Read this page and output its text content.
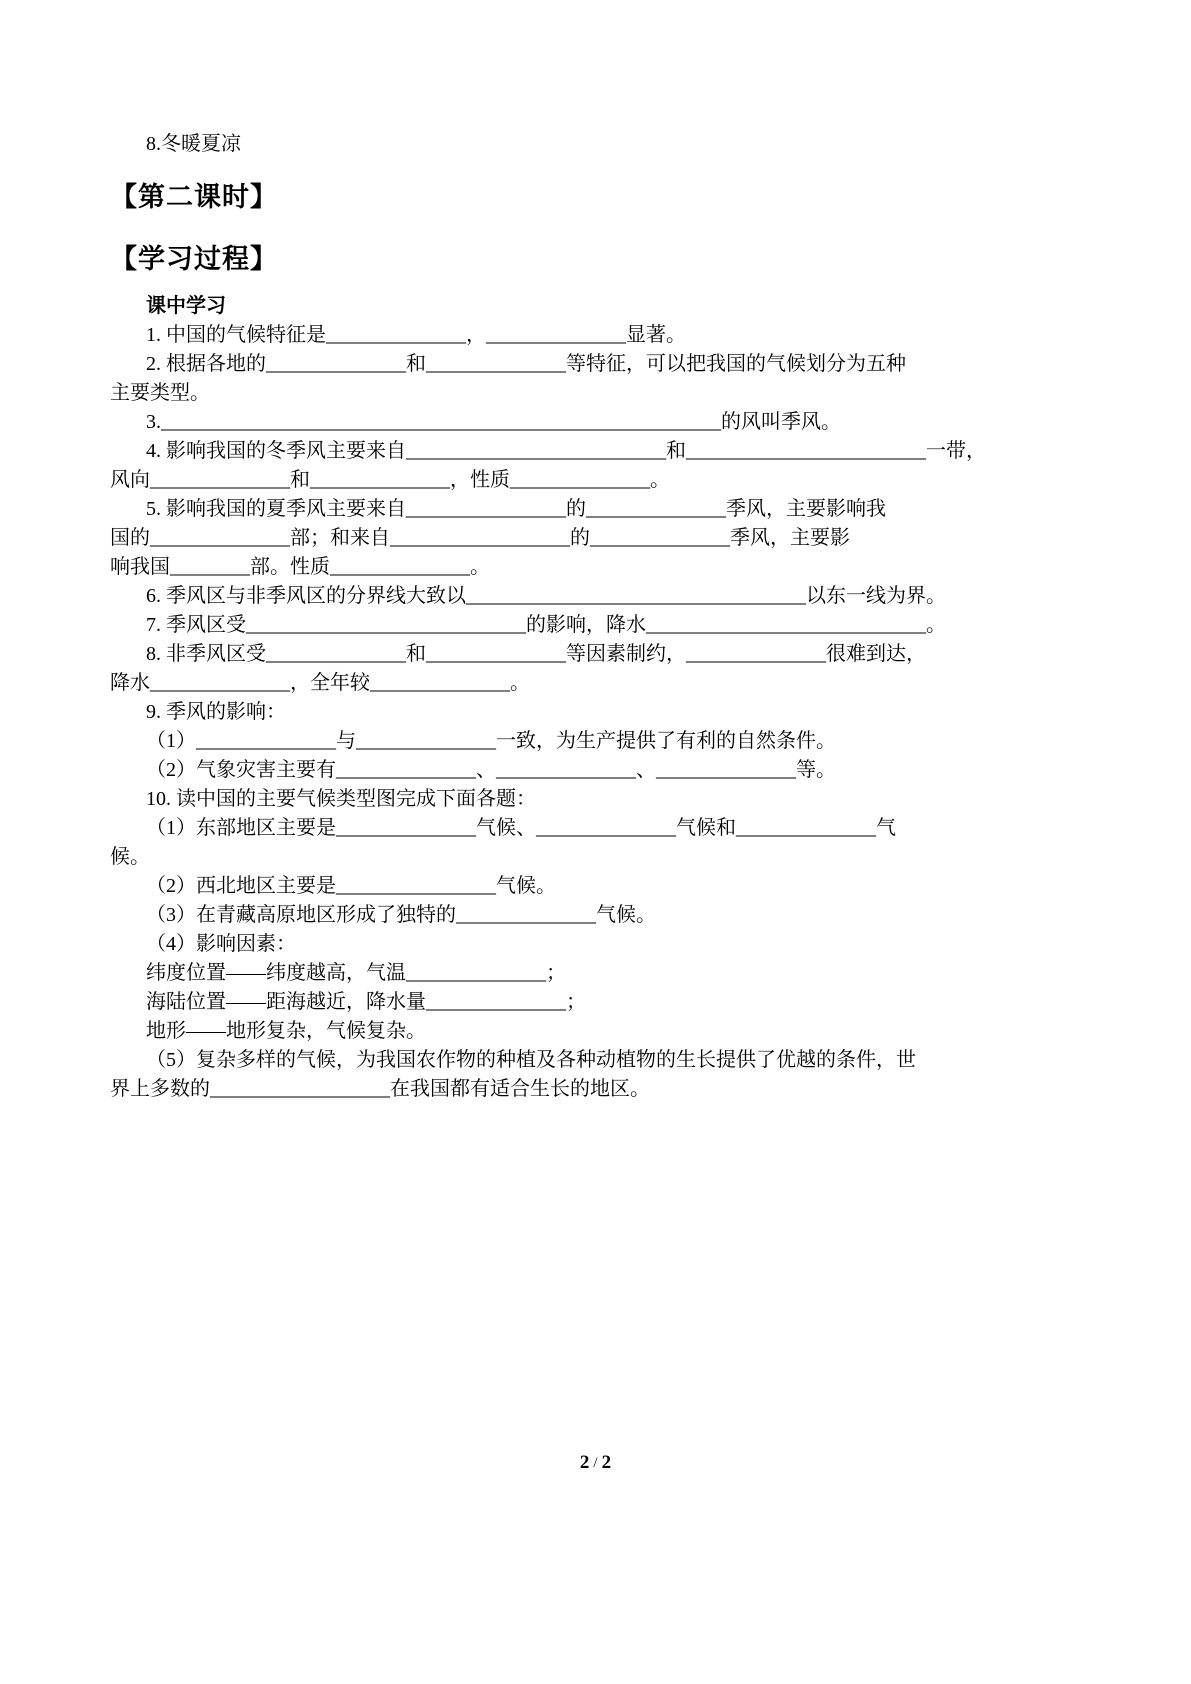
8.冬暖夏凉
【第二课时】
【学习过程】
课中学习
1. 中国的气候特征是______________，______________显著。
2. 根据各地的______________和______________等特征，可以把我国的气候划分为五种
主要类型。
3.________________________________________________________的风叫季风。
4. 影响我国的冬季风主要来自__________________________和________________________一带，
风向______________和______________，性质______________。
5. 影响我国的夏季风主要来自________________的______________季风，主要影响我
国的______________部；和来自__________________的______________季风，主要影
响我国________部。性质______________。
6. 季风区与非季风区的分界线大致以__________________________________以东一线为界。
7. 季风区受____________________________的影响，降水____________________________。
8. 非季风区受______________和______________等因素制约，______________很难到达，
降水______________，全年较______________。
9. 季风的影响：
（1）______________与______________一致，为生产提供了有利的自然条件。
（2）气象灾害主要有______________、______________、______________等。
10. 读中国的主要气候类型图完成下面各题：
（1）东部地区主要是______________气候、______________气候和______________气
候。
（2）西北地区主要是________________气候。
（3）在青藏高原地区形成了独特的______________气候。
（4）影响因素：
纬度位置——纬度越高，气温______________；
海陆位置——距海越近，降水量______________；
地形——地形复杂，气候复杂。
（5）复杂多样的气候，为我国农作物的种植及各种动植物的生长提供了优越的条件，世
界上多数的__________________在我国都有适合生长的地区。
2 / 2
